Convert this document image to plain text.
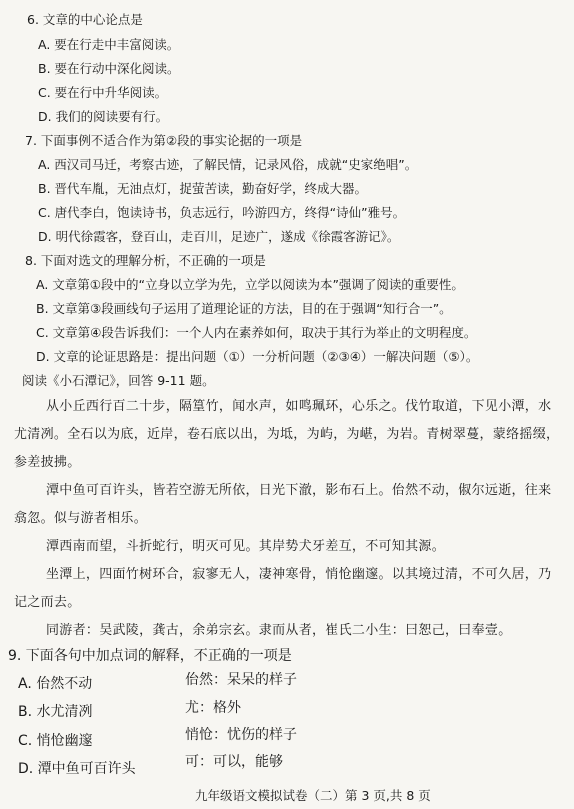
6. 文章的中心论点是
A. 要在行走中丰富阅读。
B. 要在行动中深化阅读。
C. 要在行中升华阅读。
D. 我们的阅读要有行。
7. 下面事例不适合作为第②段的事实论据的一项是
A. 西汉司马迁，考察古迹，了解民情，记录风俗，成就“史家绝唱”。
B. 晋代车胤，无油点灯，捉萤苦读，勤奋好学，终成大器。
C. 唐代李白，饱读诗书，负志远行，吟游四方，终得“诗仙”雅号。
D. 明代徐霞客，登百山，走百川，足迹广，遂成《徐霞客游记》。
8. 下面对选文的理解分析，不正确的一项是
A. 文章第①段中的“立身以立学为先，立学以阅读为本”强调了阅读的重要性。
B. 文章第③段画线句子运用了道理论证的方法，目的在于强调“知行合一”。
C. 文章第④段告诉我们：一个人内在素养如何，取决于其行为举止的文明程度。
D. 文章的论证思路是：提出问题（①）一分析问题（②③④）一解决问题（⑤）。
阅读《小石潭记》，回答 9-11 题。
从小丘西行百二十步，隔篁竹，闻水声，如鸣珮环，心乐之。伐竹取道，下见小潭，水
尤清冽。全石以为底，近岸，卷石底以出，为坻，为屿，为嵁，为岩。青树翠蔓，蒙络摇缀，
参差披拂。
潭中鱼可百许头，皆若空游无所依，日光下澈，影布石上。佁然不动，俶尔远逝，往来
翕忽。似与游者相乐。
潭西南而望，斗折蛇行，明灭可见。其岸势犬牙差互，不可知其源。
坐潭上，四面竹树环合，寂寥无人，凄神寒骨，悄怆幽邃。以其境过清，不可久居，乃
记之而去。
同游者：吴武陵，龚古，余弟宗玄。隶而从者，崔氏二小生：曰恕己，曰奉壹。
9. 下面各句中加点词的解释，不正确的一项是
A. 佁然不动	佁然：呆呆的样子
B. 水尤清冽	尤：格外
C. 悄怆幽邃	悄怆：忧伤的样子
D. 潭中鱼可百许头	可：可以，能够
九年级语文模拟试卷（二）第 3 页,共 8 页
